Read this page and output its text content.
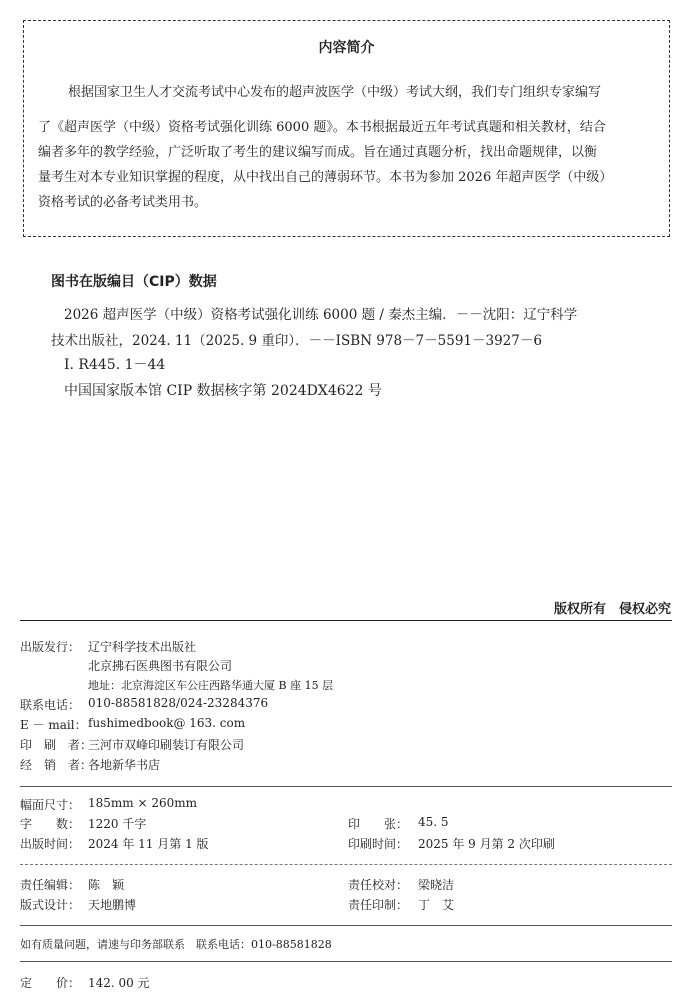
内容简介
根据国家卫生人才交流考试中心发布的超声波医学（中级）考试大纲，我们专门组织专家编写
了《超声医学（中级）资格考试强化训练 6000 题》。本书根据最近五年考试真题和相关教材，结合
编者多年的教学经验，广泛听取了考生的建议编写而成。旨在通过真题分析，找出命题规律，以衡
量考生对本专业知识掌握的程度，从中找出自己的薄弱环节。本书为参加 2026 年超声医学（中级）
资格考试的必备考试类用书。
图书在版编目（CIP）数据
2026 超声医学（中级）资格考试强化训练 6000 题 / 秦杰主编．－－沈阳：辽宁科学
技术出版社，2024. 11（2025. 9 重印）．－－ISBN 978－7－5591－3927－6
Ⅰ. R445. 1－44
中国国家版本馆 CIP 数据核字第 2024DX4622 号
版权所有　侵权必究
出版发行： 辽宁科学技术出版社
北京拂石医典图书有限公司
地址：北京海淀区车公庄西路华通大厦 B 座 15 层
联系电话： 010-88581828/024-23284376
E － mail： fushimedbook@ 163. com
印　刷　者：
三河市双峰印刷装订有限公司
经　销　者：
各地新华书店
幅面尺寸： 185mm × 260mm
字　　数： 1220 千字	印　　张： 45. 5
出版时间： 2024 年 11 月第 1 版	印刷时间： 2025 年 9 月第 2 次印刷
责任编辑： 陈　颖	责任校对： 梁晓洁
版式设计： 天地鹏博	责任印制： 丁　艾
如有质量问题，请速与印务部联系　联系电话：010-88581828
定　　价： 142. 00 元
